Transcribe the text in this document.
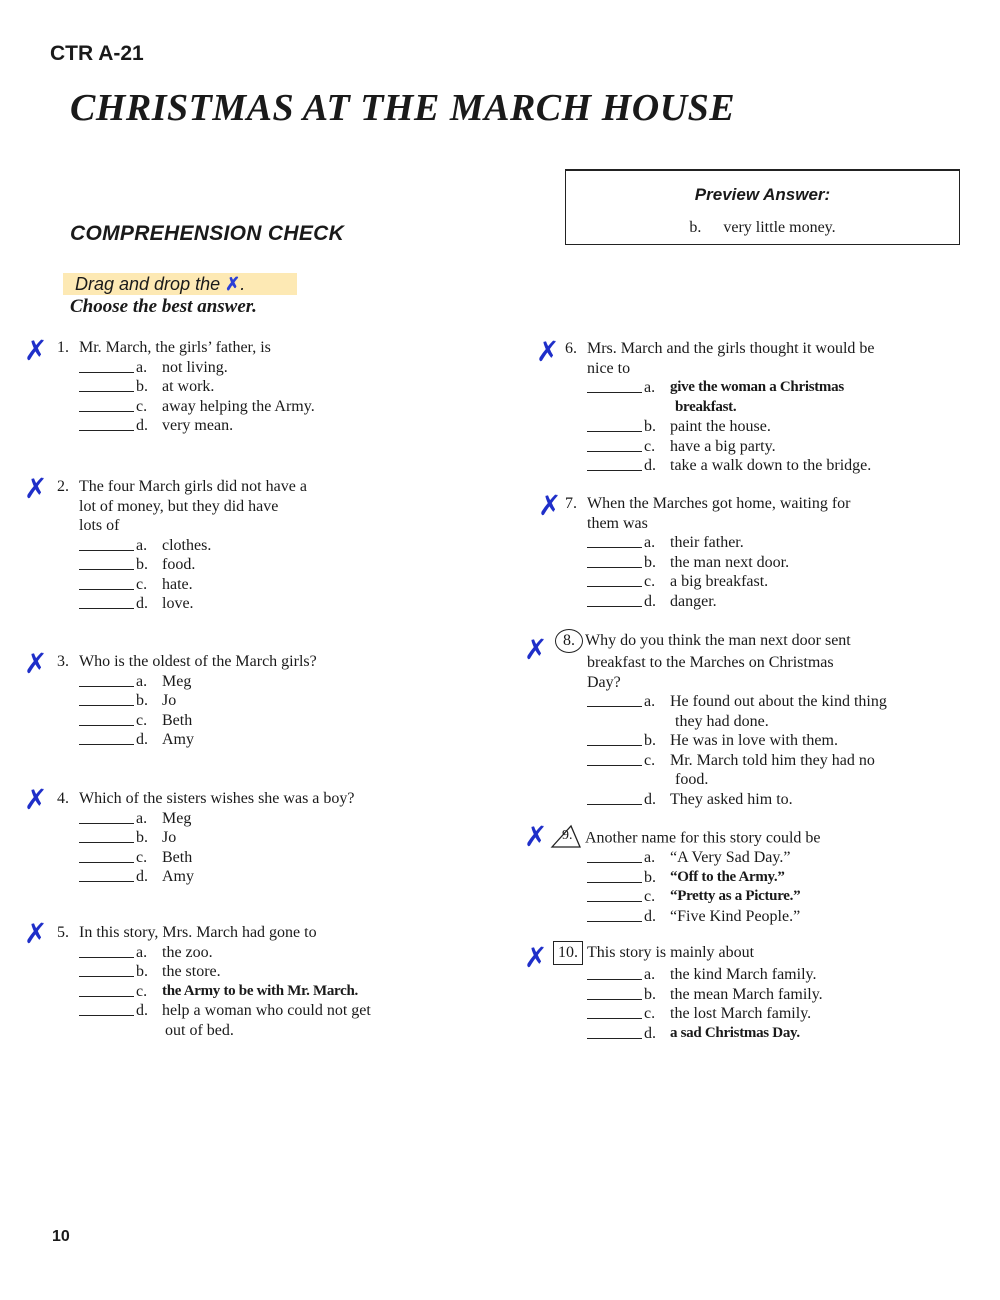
CTR A-21
CHRISTMAS AT THE MARCH HOUSE
COMPREHENSION CHECK
Preview Answer:
b. very little money.
Drag and drop the ✗.
Choose the best answer.
✗
✗
✗
✗
✗
✗
✗
✗
✗
✗
1. Mr. March, the girls’ father, is
a. not living.
b. at work.
c. away helping the Army.
d. very mean.
2. The four March girls did not have a
lot of money, but they did have
lots of
a. clothes.
b. food.
c. hate.
d. love.
3. Who is the oldest of the March girls?
a. Meg
b. Jo
c. Beth
d. Amy
4. Which of the sisters wishes she was a boy?
a. Meg
b. Jo
c. Beth
d. Amy
5. In this story, Mrs. March had gone to
a. the zoo.
b. the store.
c. the Army to be with Mr. March.
d. help a woman who could not get
out of bed.
6. Mrs. March and the girls thought it would be
nice to
a. give the woman a Christmas
breakfast.
b. paint the house.
c. have a big party.
d. take a walk down to the bridge.
7. When the Marches got home, waiting for
them was
a. their father.
b. the man next door.
c. a big breakfast.
d. danger.
8. Why do you think the man next door sent
breakfast to the Marches on Christmas
Day?
a. He found out about the kind thing
they had done.
b. He was in love with them.
c. Mr. March told him they had no
food.
d. They asked him to.
9. Another name for this story could be
a. “A Very Sad Day.”
b. “Off to the Army.”
c. “Pretty as a Picture.”
d. “Five Kind People.”
10. This story is mainly about
a. the kind March family.
b. the mean March family.
c. the lost March family.
d. a sad Christmas Day.
10
